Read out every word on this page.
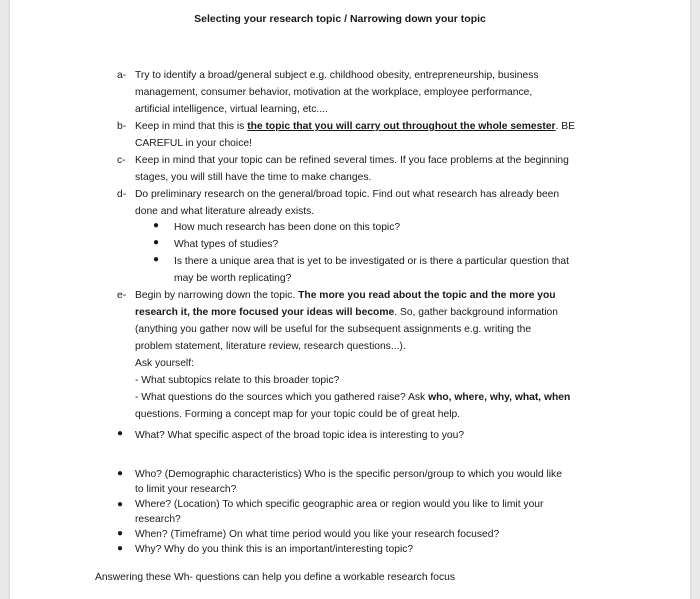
Selecting your research topic / Narrowing down your topic
a- Try to identify a broad/general subject e.g. childhood obesity, entrepreneurship, business
management, consumer behavior, motivation at the workplace, employee performance,
artificial intelligence, virtual learning, etc....
b- Keep in mind that this is the topic that you will carry out throughout the whole semester. BE
CAREFUL in your choice!
c- Keep in mind that your topic can be refined several times. If you face problems at the beginning
stages, you will still have the time to make changes.
d- Do preliminary research on the general/broad topic. Find out what research has already been
done and what literature already exists.
● How much research has been done on this topic?
● What types of studies?
● Is there a unique area that is yet to be investigated or is there a particular question that
may be worth replicating?
e- Begin by narrowing down the topic. The more you read about the topic and the more you
research it, the more focused your ideas will become. So, gather background information
(anything you gather now will be useful for the subsequent assignments e.g. writing the
problem statement, literature review, research questions...).
Ask yourself:
- What subtopics relate to this broader topic?
- What questions do the sources which you gathered raise? Ask who, where, why, what, when
questions. Forming a concept map for your topic could be of great help.
● What? What specific aspect of the broad topic idea is interesting to you?
● Who? (Demographic characteristics) Who is the specific person/group to which you would like
to limit your research?
● Where? (Location) To which specific geographic area or region would you like to limit your
research?
● When? (Timeframe) On what time period would you like your research focused?
● Why? Why do you think this is an important/interesting topic?
Answering these Wh- questions can help you define a workable research focus
